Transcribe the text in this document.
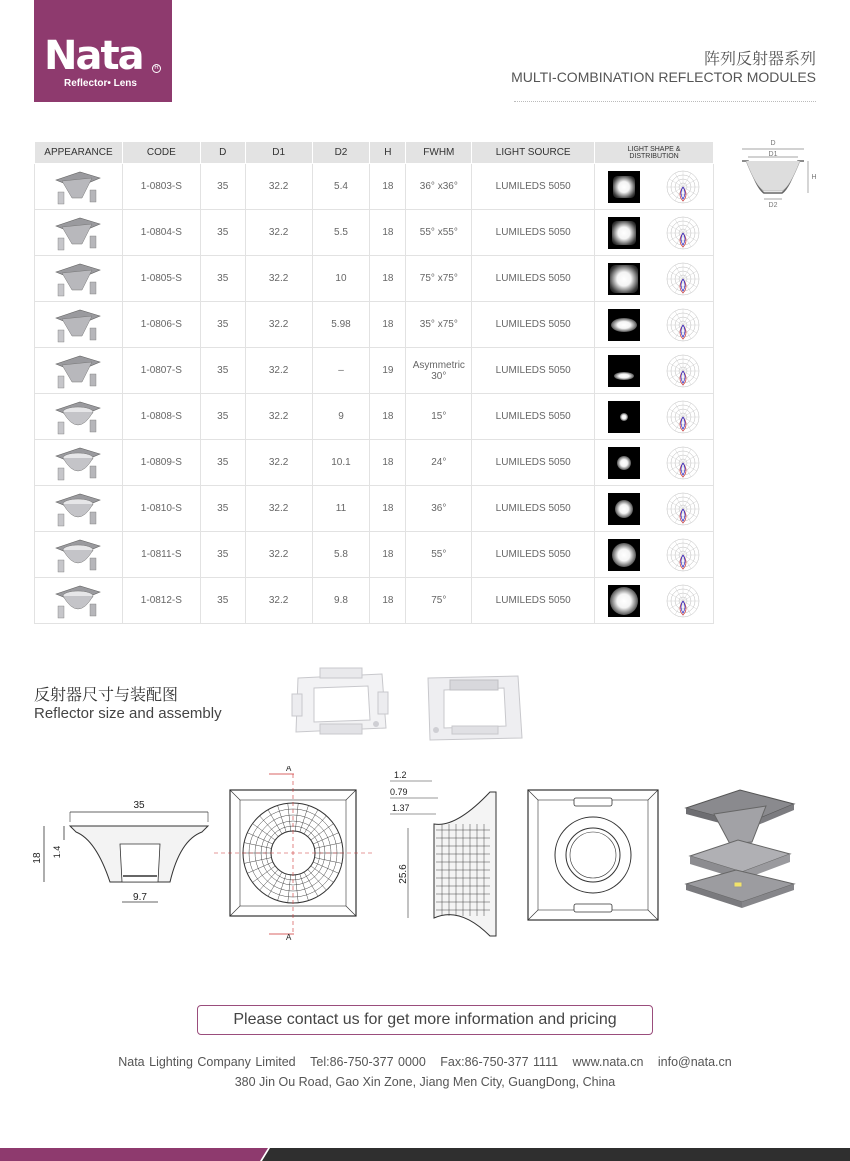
Nata	R
Reflector• Lens
阵列反射器系列
MULTI-COMBINATION REFLECTOR MODULES
APPEARANCE	CODE	D	D1	D2	H	FWHM	LIGHT SOURCE	LIGHT SHAPE &
DISTRIBUTION

	1-0803-S	35	32.2	5.4	18	36° x36°	LUMILEDS 5050	

	1-0804-S	35	32.2	5.5	18	55° x55°	LUMILEDS 5050	

	1-0805-S	35	32.2	10	18	75° x75°	LUMILEDS 5050	

	1-0806-S	35	32.2	5.98	18	35° x75°	LUMILEDS 5050	

	1-0807-S	35	32.2	–	19	Asymmetric
30°	LUMILEDS 5050	

	1-0808-S	35	32.2	9	18	15°	LUMILEDS 5050	

	1-0809-S	35	32.2	10.1	18	24°	LUMILEDS 5050	

	1-0810-S	35	32.2	11	18	36°	LUMILEDS 5050	

	1-0811-S	35	32.2	5.8	18	55°	LUMILEDS 5050	

	1-0812-S	35	32.2	9.8	18	75°	LUMILEDS 5050	
D
D1
D2
H
反射器尺寸与装配图
Reflector size and assembly
35
18 1.4
9.7
A
A
1.2
0.79
1.37
25.6
Please contact us for get more information and pricing
Nata Lighting Company Limited Tel:86-750-377 0000 Fax:86-750-377 1111 www.nata.cn info@nata.cn
380 Jin Ou Road, Gao Xin Zone, Jiang Men City, GuangDong, China
